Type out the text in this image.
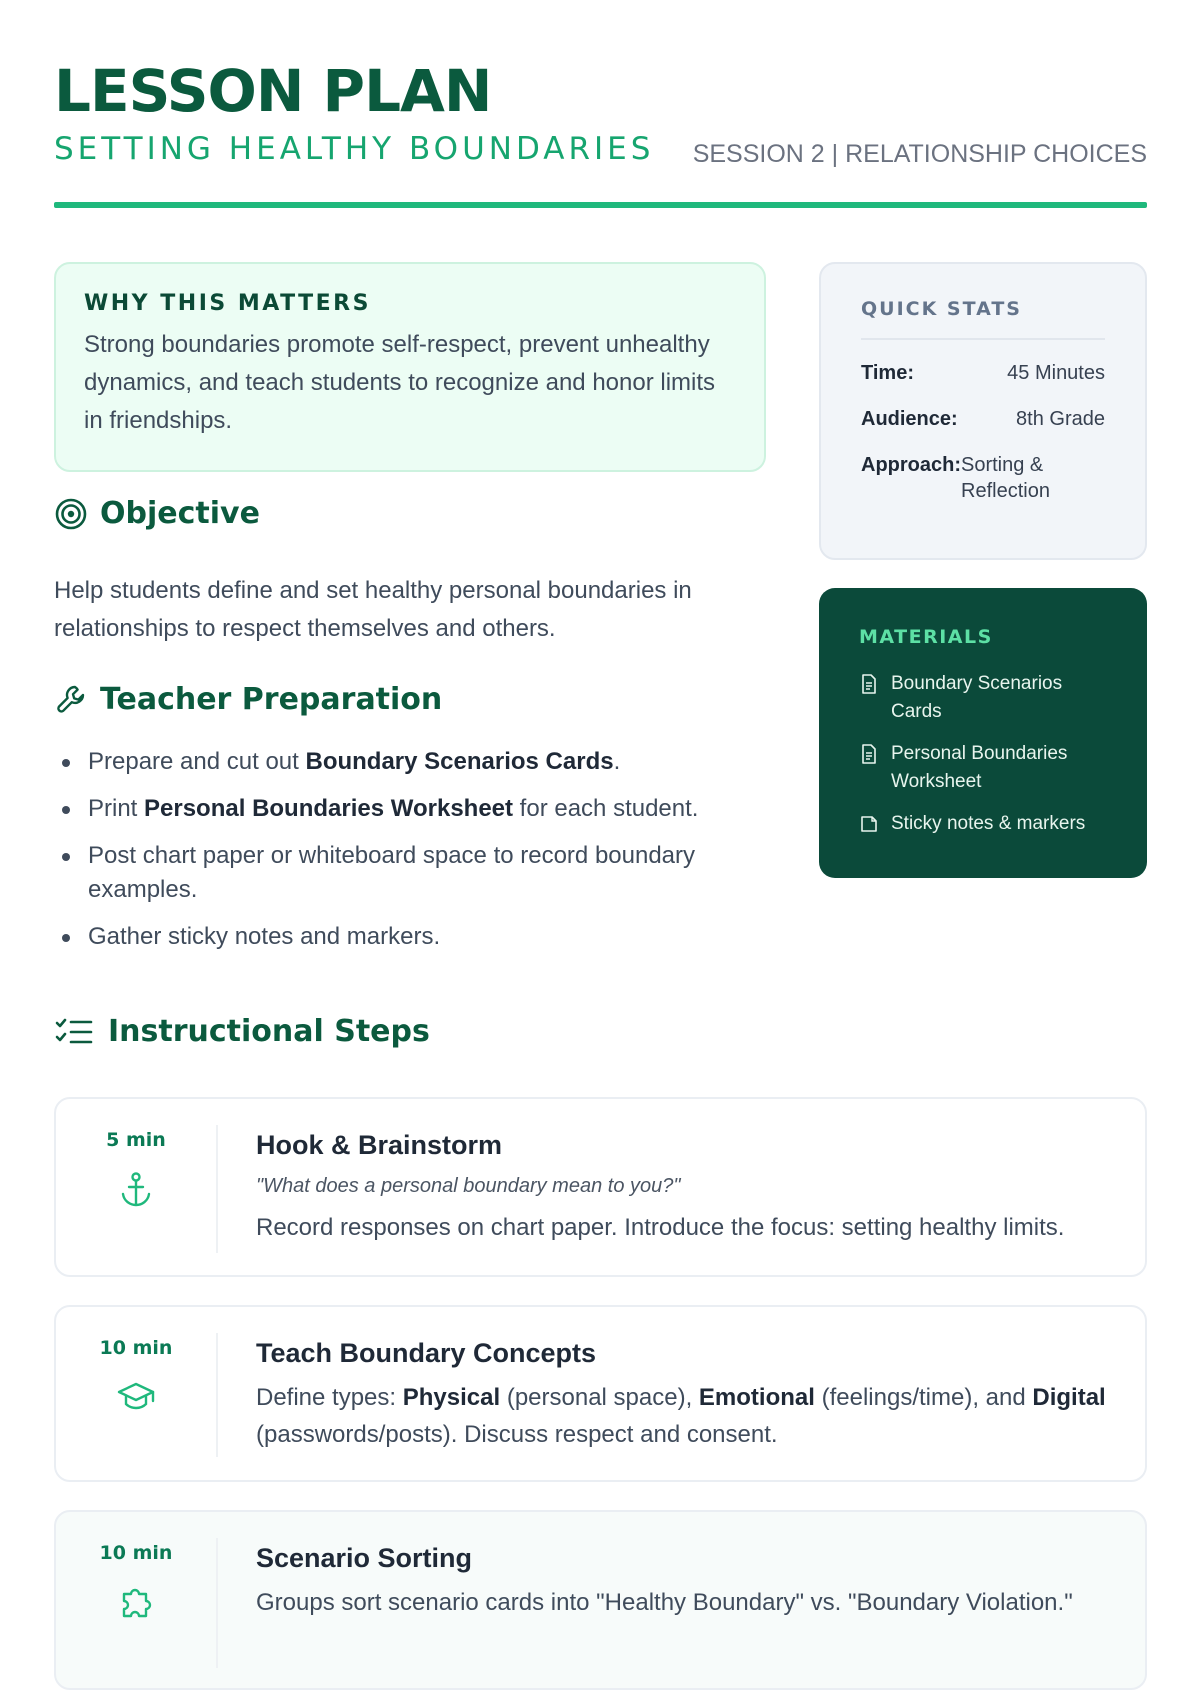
LESSON PLAN
SETTING HEALTHY BOUNDARIES SESSION 2 | RELATIONSHIP CHOICES
WHY THIS MATTERS

Strong boundaries promote self-respect, prevent unhealthy dynamics, and teach students to recognize and honor limits in friendships.

Objective
Help students define and set healthy personal boundaries in relationships to respect themselves and others.
Teacher Preparation
Prepare and cut out Boundary Scenarios Cards.
Print Personal Boundaries Worksheet for each student.
Post chart paper or whiteboard space to record boundary examples.
Gather sticky notes and markers.
QUICK STATS
Time:	45 Minutes
Audience:	8th Grade
Approach: Sorting & Reflection
MATERIALS
Boundary Scenarios Cards
Personal Boundaries Worksheet
Sticky notes & markers
Instructional Steps
5 min	Hook & Brainstorm
"What does a personal boundary mean to you?"

Record responses on chart paper. Introduce the focus: setting healthy limits.

10 min	Teach Boundary Concepts

Define types: Physical (personal space), Emotional (feelings/time), and Digital (passwords/posts). Discuss respect and consent.

10 min	Scenario Sorting

Groups sort scenario cards into "Healthy Boundary" vs. "Boundary Violation."
